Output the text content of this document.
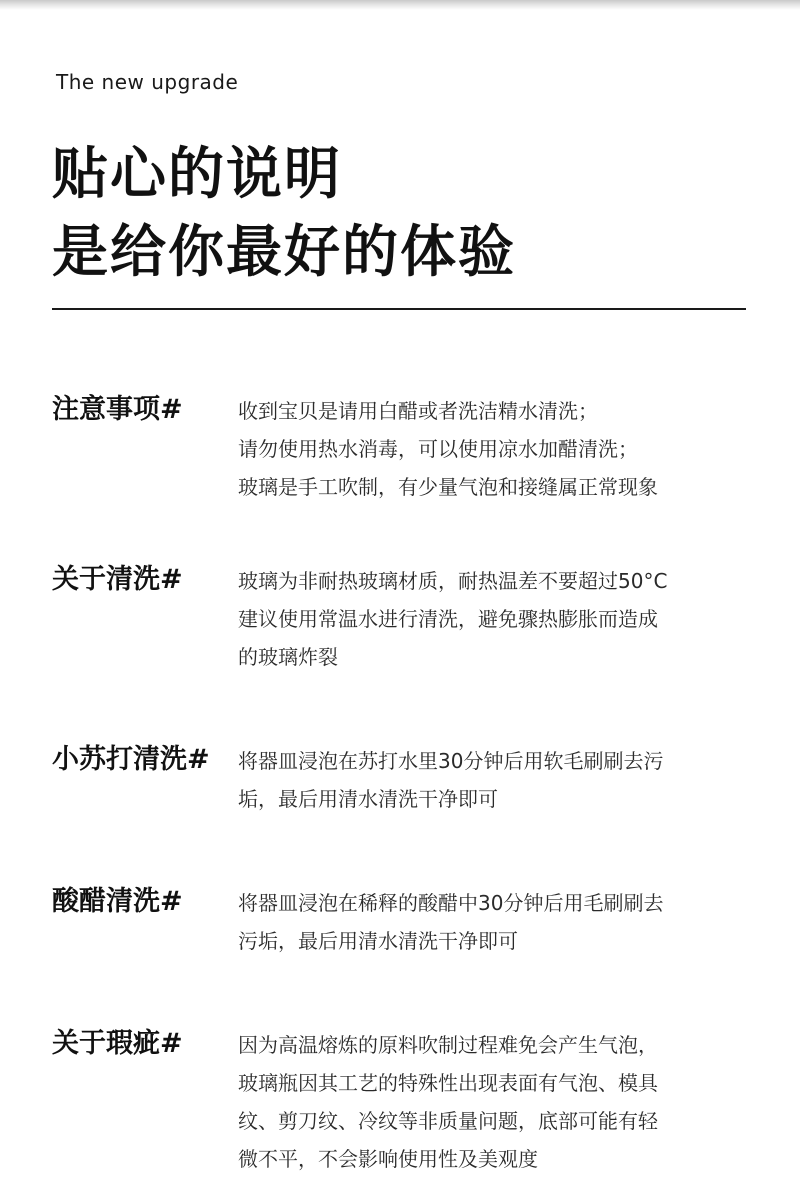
The new upgrade
贴心的说明
是给你最好的体验
注意事项#	收到宝贝是请用白醋或者洗洁精水清洗；
请勿使用热水消毒，可以使用凉水加醋清洗；
玻璃是手工吹制，有少量气泡和接缝属正常现象
关于清洗#	玻璃为非耐热玻璃材质，耐热温差不要超过50°C
建议使用常温水进行清洗，避免骤热膨胀而造成
的玻璃炸裂
小苏打清洗#	将器皿浸泡在苏打水里30分钟后用软毛刷刷去污
垢，最后用清水清洗干净即可
酸醋清洗#	将器皿浸泡在稀释的酸醋中30分钟后用毛刷刷去
污垢，最后用清水清洗干净即可
关于瑕疵#	因为高温熔炼的原料吹制过程难免会产生气泡，
玻璃瓶因其工艺的特殊性出现表面有气泡、模具
纹、剪刀纹、冷纹等非质量问题，底部可能有轻
微不平，不会影响使用性及美观度
